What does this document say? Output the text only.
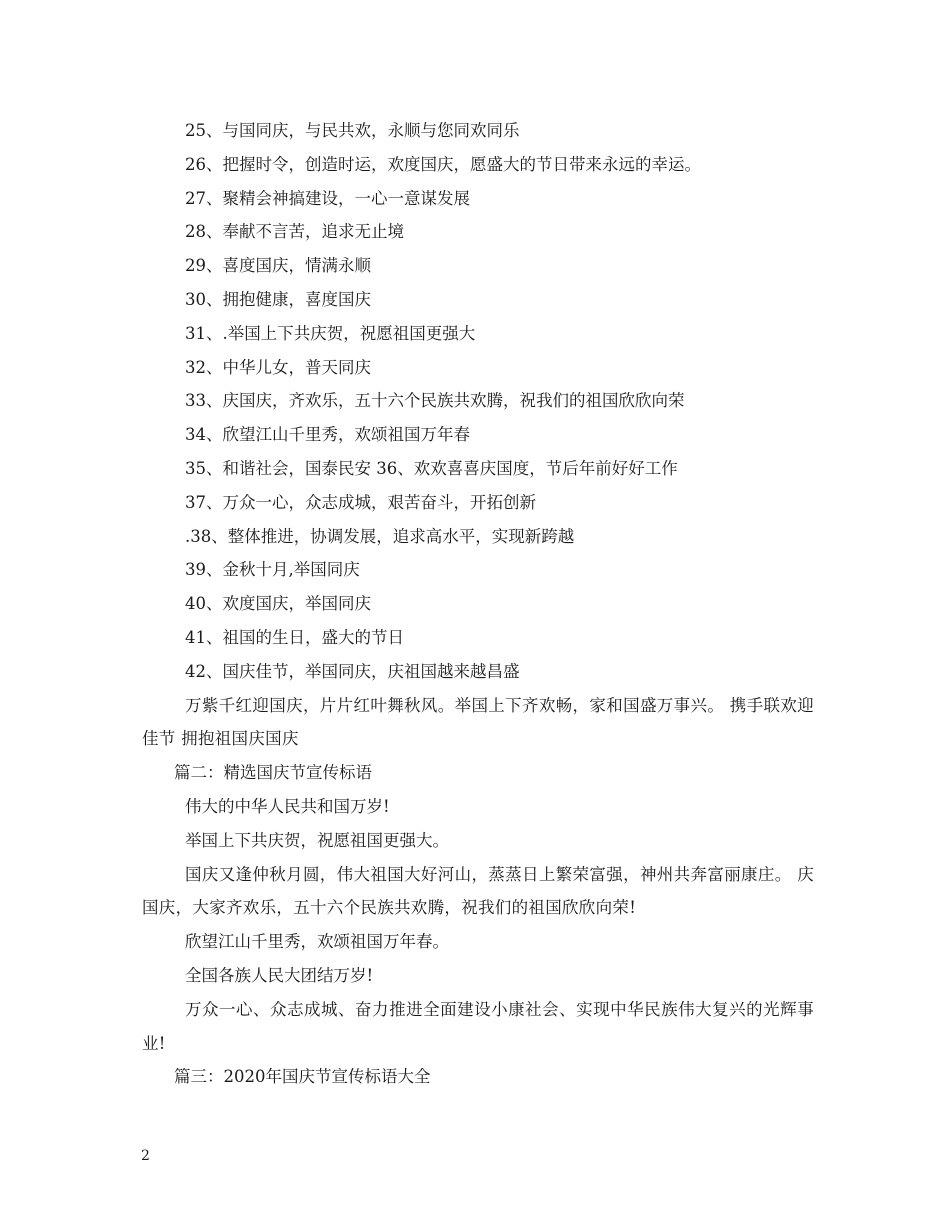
25、与国同庆，与民共欢，永顺与您同欢同乐

26、把握时令，创造时运，欢度国庆，愿盛大的节日带来永远的幸运。

27、聚精会神搞建设，一心一意谋发展

28、奉献不言苦，追求无止境

29、喜度国庆，情满永顺

30、拥抱健康，喜度国庆

31、.举国上下共庆贺，祝愿祖国更强大

32、中华儿女，普天同庆

33、庆国庆，齐欢乐，五十六个民族共欢腾，祝我们的祖国欣欣向荣

34、欣望江山千里秀，欢颂祖国万年春

35、和谐社会，国泰民安 36、欢欢喜喜庆国度，节后年前好好工作

37、万众一心，众志成城，艰苦奋斗，开拓创新

.38、整体推进，协调发展，追求高水平，实现新跨越

39、金秋十月,举国同庆

40、欢度国庆，举国同庆

41、祖国的生日，盛大的节日

42、国庆佳节，举国同庆，庆祖国越来越昌盛

万紫千红迎国庆，片片红叶舞秋风。举国上下齐欢畅，家和国盛万事兴。 携手联欢迎佳节 拥抱祖国庆国庆

篇二：精选国庆节宣传标语

伟大的中华人民共和国万岁!

举国上下共庆贺，祝愿祖国更强大。

国庆又逢仲秋月圆，伟大祖国大好河山，蒸蒸日上繁荣富强，神州共奔富丽康庄。 庆国庆，大家齐欢乐，五十六个民族共欢腾，祝我们的祖国欣欣向荣!

欣望江山千里秀，欢颂祖国万年春。

全国各族人民大团结万岁!

万众一心、众志成城、奋力推进全面建设小康社会、实现中华民族伟大复兴的光辉事业!

篇三：2020年国庆节宣传标语大全

2
